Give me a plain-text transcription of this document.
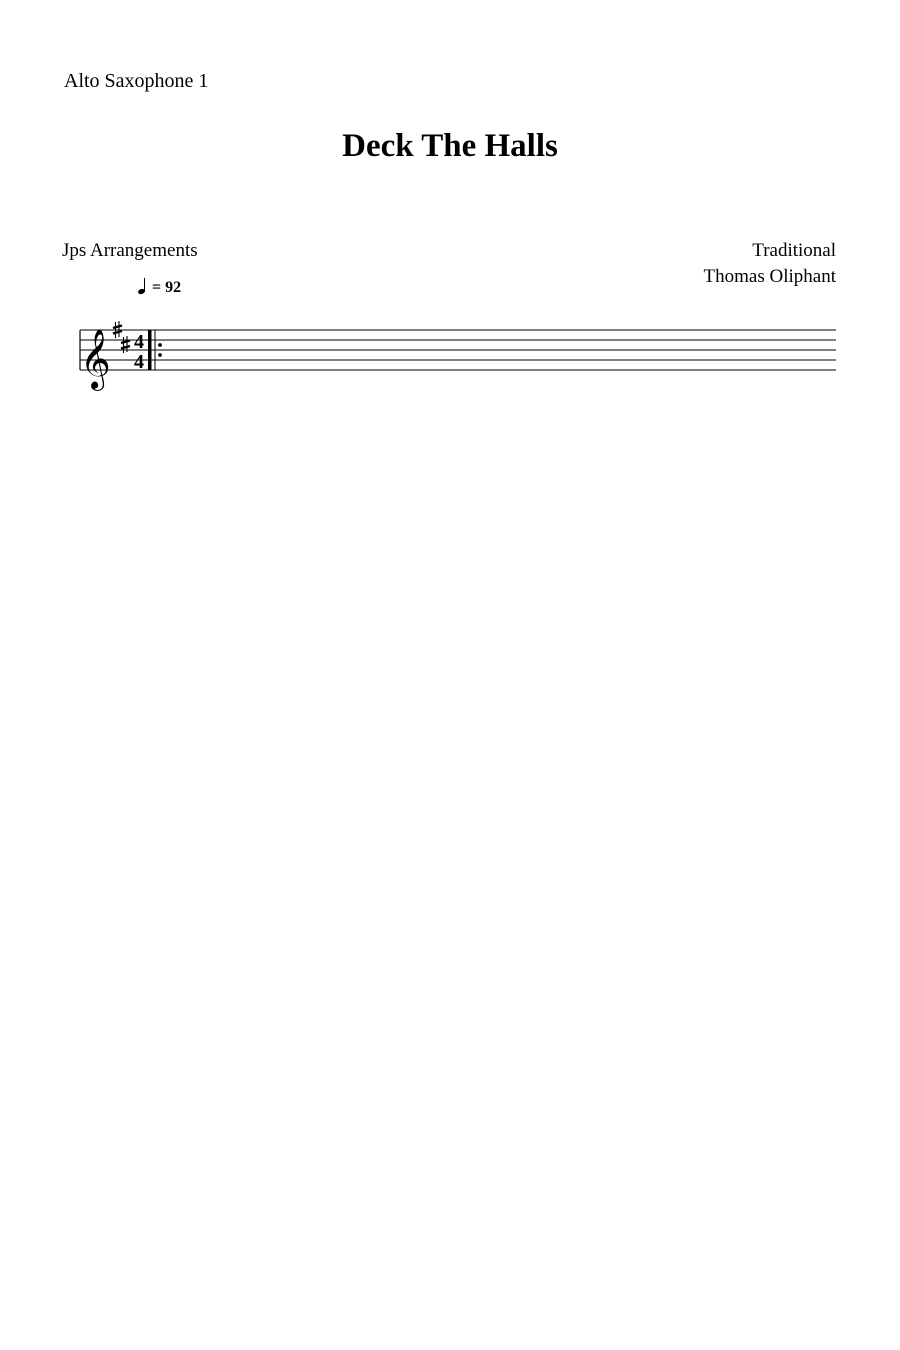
Alto Saxophone 1
Deck The Halls
Jps Arrangements	Traditional
Thomas Oliphant
= 92
𝄞 4
4
